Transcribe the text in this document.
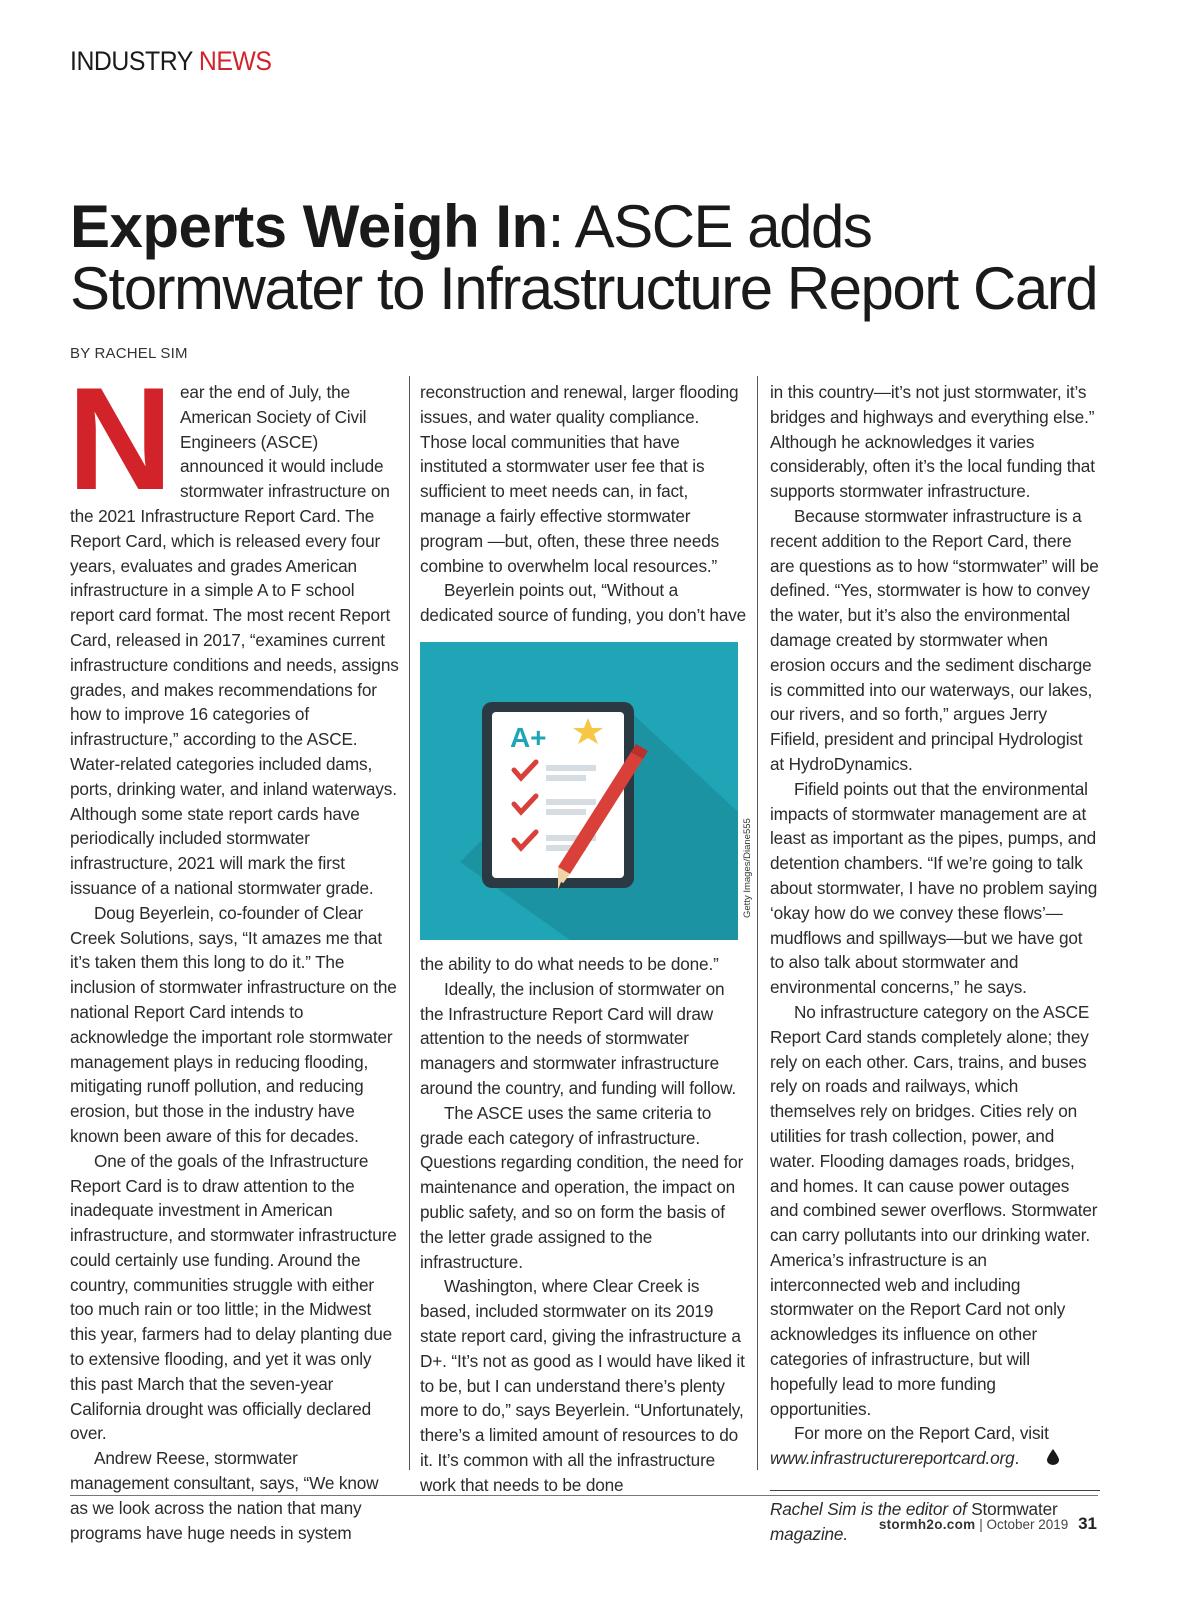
INDUSTRY NEWS
Experts Weigh In: ASCE adds
Stormwater to Infrastructure Report Card
BY RACHEL SIM

N ear the end of July, the American Society of Civil Engineers (ASCE) announced it would include stormwater infrastructure on the 2021 Infrastructure Report Card. The Report Card, which is released every four years, evaluates and grades American infrastructure in a simple A to F school report card format. The most recent Report Card, released in 2017, “examines current infrastructure conditions and needs, assigns grades, and makes recommendations for how to improve 16 categories of infrastructure,” according to the ASCE. Water-related categories included dams, ports, drinking water, and inland waterways. Although some state report cards have periodically included stormwater infrastructure, 2021 will mark the first issuance of a national stormwater grade.

Doug Beyerlein, co-founder of Clear Creek Solutions, says, “It amazes me that it’s taken them this long to do it.” The inclusion of stormwater infrastructure on the national Report Card intends to acknowledge the important role stormwater management plays in reducing flooding, mitigating runoff pollution, and reducing erosion, but those in the industry have known been aware of this for decades.

One of the goals of the Infrastructure Report Card is to draw attention to the inadequate investment in American infrastructure, and stormwater infrastructure could certainly use funding. Around the country, communities struggle with either too much rain or too little; in the Midwest this year, farmers had to delay planting due to extensive flooding, and yet it was only this past March that the seven-year California drought was officially declared over.

Andrew Reese, stormwater management consultant, says, “We know as we look across the nation that many programs have huge needs in system

reconstruction and renewal, larger flooding issues, and water quality compliance. Those local communities that have instituted a stormwater user fee that is sufficient to meet needs can, in fact, manage a fairly effective stormwater program —but, often, these three needs combine to overwhelm local resources.”

Beyerlein points out, “Without a dedicated source of funding, you don’t have

A+

the ability to do what needs to be done.”

Ideally, the inclusion of stormwater on the Infrastructure Report Card will draw attention to the needs of stormwater managers and stormwater infrastructure around the country, and funding will follow.

The ASCE uses the same criteria to grade each category of infrastructure. Questions regarding condition, the need for maintenance and operation, the impact on public safety, and so on form the basis of the letter grade assigned to the infrastructure.

Washington, where Clear Creek is based, included stormwater on its 2019 state report card, giving the infrastructure a D+. “It’s not as good as I would have liked it to be, but I can understand there’s plenty more to do,” says Beyerlein. “Unfortunately, there’s a limited amount of resources to do it. It’s common with all the infrastructure work that needs to be done

Getty Images/Diane555

in this country—it’s not just stormwater, it’s bridges and highways and everything else.” Although he acknowledges it varies considerably, often it’s the local funding that supports stormwater infrastructure.

Because stormwater infrastructure is a recent addition to the Report Card, there are questions as to how “stormwater” will be defined. “Yes, stormwater is how to convey the water, but it’s also the environmental damage created by stormwater when erosion occurs and the sediment discharge is committed into our waterways, our lakes, our rivers, and so forth,” argues Jerry Fifield, president and principal Hydrologist at HydroDynamics.

Fifield points out that the environmental impacts of stormwater management are at least as important as the pipes, pumps, and detention chambers. “If we’re going to talk about stormwater, I have no problem saying ‘okay how do we convey these flows’—mudflows and spillways—but we have got to also talk about stormwater and environmental concerns,” he says.

No infrastructure category on the ASCE Report Card stands completely alone; they rely on each other. Cars, trains, and buses rely on roads and railways, which themselves rely on bridges. Cities rely on utilities for trash collection, power, and water. Flooding damages roads, bridges, and homes. It can cause power outages and combined sewer overflows. Stormwater can carry pollutants into our drinking water. America’s infrastructure is an interconnected web and including stormwater on the Report Card not only acknowledges its influence on other categories of infrastructure, but will hopefully lead to more funding opportunities.

For more on the Report Card, visit www.infrastructurereportcard.org.

Rachel Sim is the editor of Stormwater magazine.	stormh2o.com | October 2019 31
